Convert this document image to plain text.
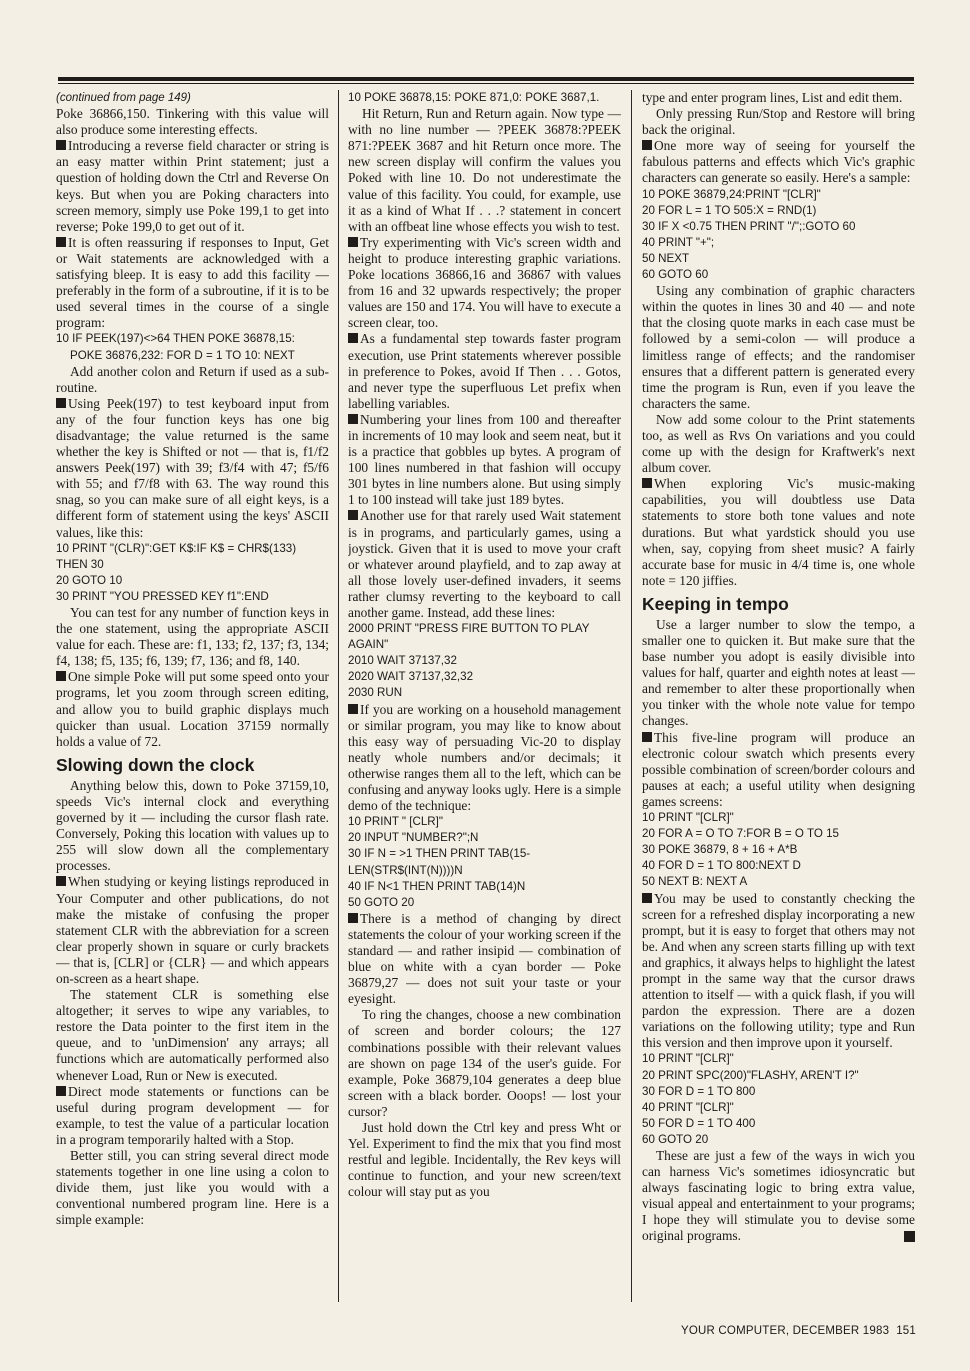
(continued from page 149)

Poke 36866,150. Tinkering with this value will also produce some interesting effects.

Introducing a reverse field character or string is an easy matter within Print statement; just a question of holding down the Ctrl and Reverse On keys. But when you are Poking characters into screen memory, simply use Poke 199,1 to get into reverse; Poke 199,0 to get out of it.

It is often reassuring if responses to Input, Get or Wait statements are acknowledged with a satisfying bleep. It is easy to add this facility — preferably in the form of a subroutine, if it is to be used several times in the course of a single program:

10 IF PEEK(197)<>64 THEN POKE 36878,15:

POKE 36876,232: FOR D = 1 TO 10: NEXT

Add another colon and Return if used as a sub-routine.

Using Peek(197) to test keyboard input from any of the four function keys has one big disadvantage; the value returned is the same whether the key is Shifted or not — that is, f1/f2 answers Peek(197) with 39; f3/f4 with 47; f5/f6 with 55; and f7/f8 with 63. The way round this snag, so you can make sure of all eight keys, is a different form of statement using the keys' ASCII values, like this:

10 PRINT "(CLR)":GET K$:IF K$ = CHR$(133) THEN 30

20 GOTO 10

30 PRINT "YOU PRESSED KEY f1":END

You can test for any number of function keys in the one statement, using the appropriate ASCII value for each. These are: f1, 133; f2, 137; f3, 134; f4, 138; f5, 135; f6, 139; f7, 136; and f8, 140.

One simple Poke will put some speed onto your programs, let you zoom through screen editing, and allow you to build graphic displays much quicker than usual. Location 37159 normally holds a value of 72.

Slowing down the clock

Anything below this, down to Poke 37159,10, speeds Vic's internal clock and everything governed by it — including the cursor flash rate. Conversely, Poking this location with values up to 255 will slow down all the complementary processes.

When studying or keying listings reproduced in Your Computer and other publications, do not make the mistake of confusing the proper statement CLR with the abbreviation for a screen clear properly shown in square or curly brackets — that is, [CLR] or {CLR} — and which appears on-screen as a heart shape.

The statement CLR is something else altogether; it serves to wipe any variables, to restore the Data pointer to the first item in the queue, and to 'unDimension' any arrays; all functions which are automatically performed also whenever Load, Run or New is executed.

Direct mode statements or functions can be useful during program development — for example, to test the value of a particular location in a program temporarily halted with a Stop.

Better still, you can string several direct mode statements together in one line using a colon to divide them, just like you would with a conventional numbered program line. Here is a simple example:

10 POKE 36878,15: POKE 871,0: POKE 3687,1.

Hit Return, Run and Return again. Now type — with no line number — ?PEEK 36878:?PEEK 871:?PEEK 3687 and hit Return once more. The new screen display will confirm the values you Poked with line 10. Do not underestimate the value of this facility. You could, for example, use it as a kind of What If . . .? statement in concert with an offbeat line whose effects you wish to test.

Try experimenting with Vic's screen width and height to produce interesting graphic variations. Poke locations 36866,16 and 36867 with values from 16 and 32 upwards respectively; the proper values are 150 and 174. You will have to execute a screen clear, too.

As a fundamental step towards faster program execution, use Print statements wherever possible in preference to Pokes, avoid If Then . . . Gotos, and never type the superfluous Let prefix when labelling variables.

Numbering your lines from 100 and thereafter in increments of 10 may look and seem neat, but it is a practice that gobbles up bytes. A program of 100 lines numbered in that fashion will occupy 301 bytes in line numbers alone. But using simply 1 to 100 instead will take just 189 bytes.

Another use for that rarely used Wait statement is in programs, and particularly games, using a joystick. Given that it is used to move your craft or whatever around playfield, and to zap away at all those lovely user-defined invaders, it seems rather clumsy reverting to the keyboard to call another game. Instead, add these lines:

2000 PRINT "PRESS FIRE BUTTON TO PLAY AGAIN"

2010 WAIT 37137,32

2020 WAIT 37137,32,32

2030 RUN

If you are working on a household management or similar program, you may like to know about this easy way of persuading Vic-20 to display neatly whole numbers and/or decimals; it otherwise ranges them all to the left, which can be confusing and anyway looks ugly. Here is a simple demo of the technique:

10 PRINT " [CLR]"

20 INPUT "NUMBER?";N

30 IF N = >1 THEN PRINT TAB(15-LEN(STR$(INT(N))))N

40 IF N<1 THEN PRINT TAB(14)N

50 GOTO 20

There is a method of changing by direct statements the colour of your working screen if the standard — and rather insipid — combination of blue on white with a cyan border — Poke 36879,27 — does not suit your taste or your eyesight.

To ring the changes, choose a new combination of screen and border colours; the 127 combinations possible with their relevant values are shown on page 134 of the user's guide. For example, Poke 36879,104 generates a deep blue screen with a black border. Ooops! — lost your cursor?

Just hold down the Ctrl key and press Wht or Yel. Experiment to find the mix that you find most restful and legible. Incidentally, the Rev keys will continue to function, and your new screen/text colour will stay put as you

type and enter program lines, List and edit them.

Only pressing Run/Stop and Restore will bring back the original.

One more way of seeing for yourself the fabulous patterns and effects which Vic's graphic characters can generate so easily. Here's a sample:

10 POKE 36879,24:PRINT "[CLR]"

20 FOR L = 1 TO 505:X = RND(1)

30 IF X <0.75 THEN PRINT "/";:GOTO 60

40 PRINT "+";

50 NEXT

60 GOTO 60

Using any combination of graphic characters within the quotes in lines 30 and 40 — and note that the closing quote marks in each case must be followed by a semi-colon — will produce a limitless range of effects; and the randomiser ensures that a different pattern is generated every time the program is Run, even if you leave the characters the same.

Now add some colour to the Print statements too, as well as Rvs On variations and you could come up with the design for Kraftwerk's next album cover.

When exploring Vic's music-making capabilities, you will doubtless use Data statements to store both tone values and note durations. But what yardstick should you use when, say, copying from sheet music? A fairly accurate base for music in 4/4 time is, one whole note = 120 jiffies.

Keeping in tempo

Use a larger number to slow the tempo, a smaller one to quicken it. But make sure that the base number you adopt is easily divisible into values for half, quarter and eighth notes at least — and remember to alter these proportionally when you tinker with the whole note value for tempo changes.

This five-line program will produce an electronic colour swatch which presents every possible combination of screen/border colours and pauses at each; a useful utility when designing games screens:

10 PRINT "[CLR]"

20 FOR A = O TO 7:FOR B = O TO 15

30 POKE 36879, 8 + 16 + A*B

40 FOR D = 1 TO 800:NEXT D

50 NEXT B: NEXT A

You may be used to constantly checking the screen for a refreshed display incorporating a new prompt, but it is easy to forget that others may not be. And when any screen starts filling up with text and graphics, it always helps to highlight the latest prompt in the same way that the cursor draws attention to itself — with a quick flash, if you will pardon the expression. There are a dozen variations on the following utility; type and Run this version and then improve upon it yourself.

10 PRINT "[CLR]"

20 PRINT SPC(200)"FLASHY, AREN'T I?"

30 FOR D = 1 TO 800

40 PRINT "[CLR]"

50 FOR D = 1 TO 400

60 GOTO 20

These are just a few of the ways in wich you can harness Vic's sometimes idiosyncratic but always fascinating logic to bring extra value, visual appeal and entertainment to your programs; I hope they will stimulate you to devise some original programs.

YOUR COMPUTER, DECEMBER 1983 151
